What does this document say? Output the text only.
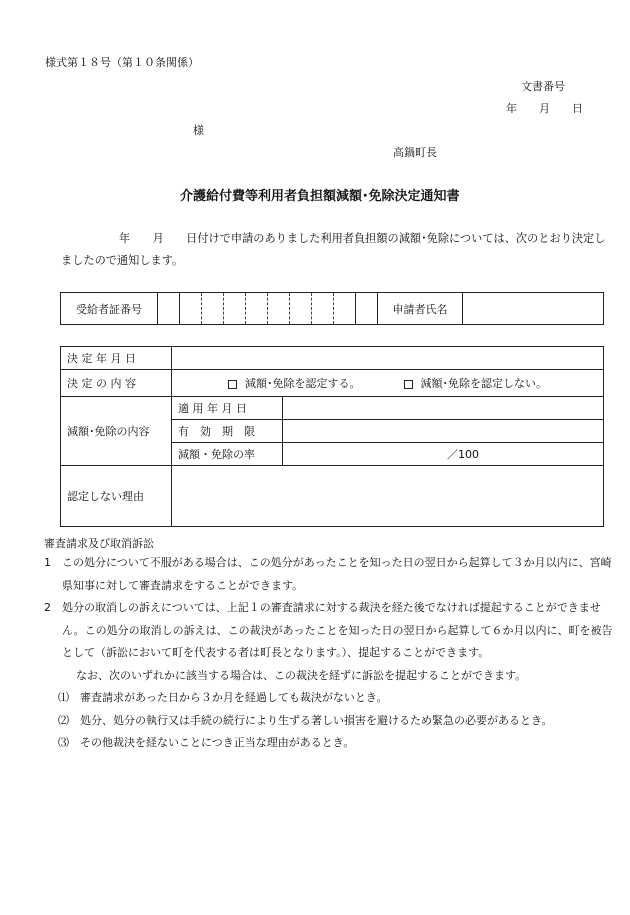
様式第１８号（第１０条関係）
文書番号
年　　月　　日
様
高鍋町長
介護給付費等利用者負担額減額･免除決定通知書
年　　月　　日付けで申請のありました利用者負担額の減額･免除については、次のとおり決定しましたので通知します。
受給者証番号											申請者氏名	
決 定 年 月 日		
決 定 の 内 容	減額･免除を認定する。 減額･免除を認定しない。	
減額･免除の内容	適 用 年 月 日	
	有　効　期　限	
	減額・免除の率	／100
認定しない理由		
審査請求及び取消訴訟

1　この処分について不服がある場合は、この処分があったことを知った日の翌日から起算して３か月以内に、宮崎県知事に対して審査請求をすることができます。

2　処分の取消しの訴えについては、上記１の審査請求に対する裁決を経た後でなければ提起することができません。この処分の取消しの訴えは、この裁決があったことを知った日の翌日から起算して６か月以内に、町を被告として（訴訟において町を代表する者は町長となります。）、提起することができます。

なお、次のいずれかに該当する場合は、この裁決を経ずに訴訟を提起することができます。

⑴　審査請求があった日から３か月を経過しても裁決がないとき。

⑵　処分、処分の執行又は手続の続行により生ずる著しい損害を避けるため緊急の必要があるとき。

⑶　その他裁決を経ないことにつき正当な理由があるとき。
